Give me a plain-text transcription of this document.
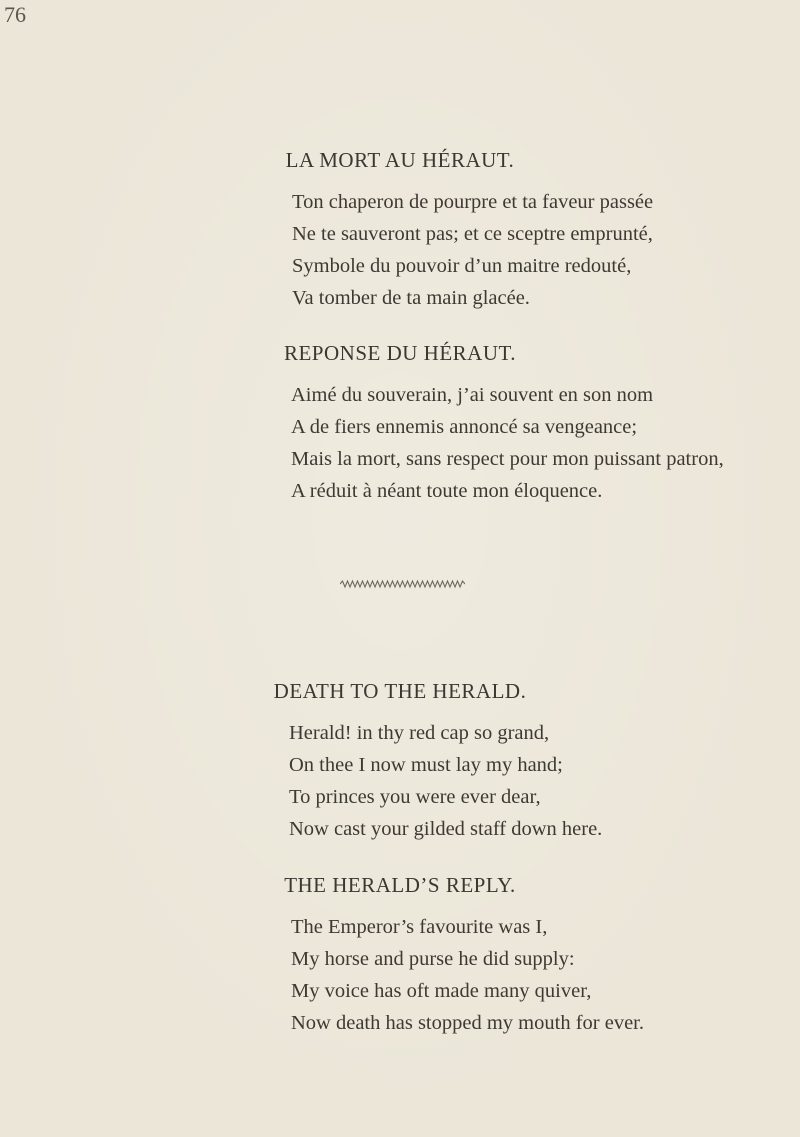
76
LA MORT AU HÉRAUT.
Ton chaperon de pourpre et ta faveur passée
Ne te sauveront pas; et ce sceptre emprunté,
Symbole du pouvoir d’un maitre redouté,
Va tomber de ta main glacée.
REPONSE DU HÉRAUT.
Aimé du souverain, j’ai souvent en son nom
A de fiers ennemis annoncé sa vengeance;
Mais la mort, sans respect pour mon puissant patron,
A réduit à néant toute mon éloquence.
DEATH TO THE HERALD.
Herald! in thy red cap so grand,
On thee I now must lay my hand;
To princes you were ever dear,
Now cast your gilded staff down here.
THE HERALD’S REPLY.
The Emperor’s favourite was I,
My horse and purse he did supply:
My voice has oft made many quiver,
Now death has stopped my mouth for ever.
